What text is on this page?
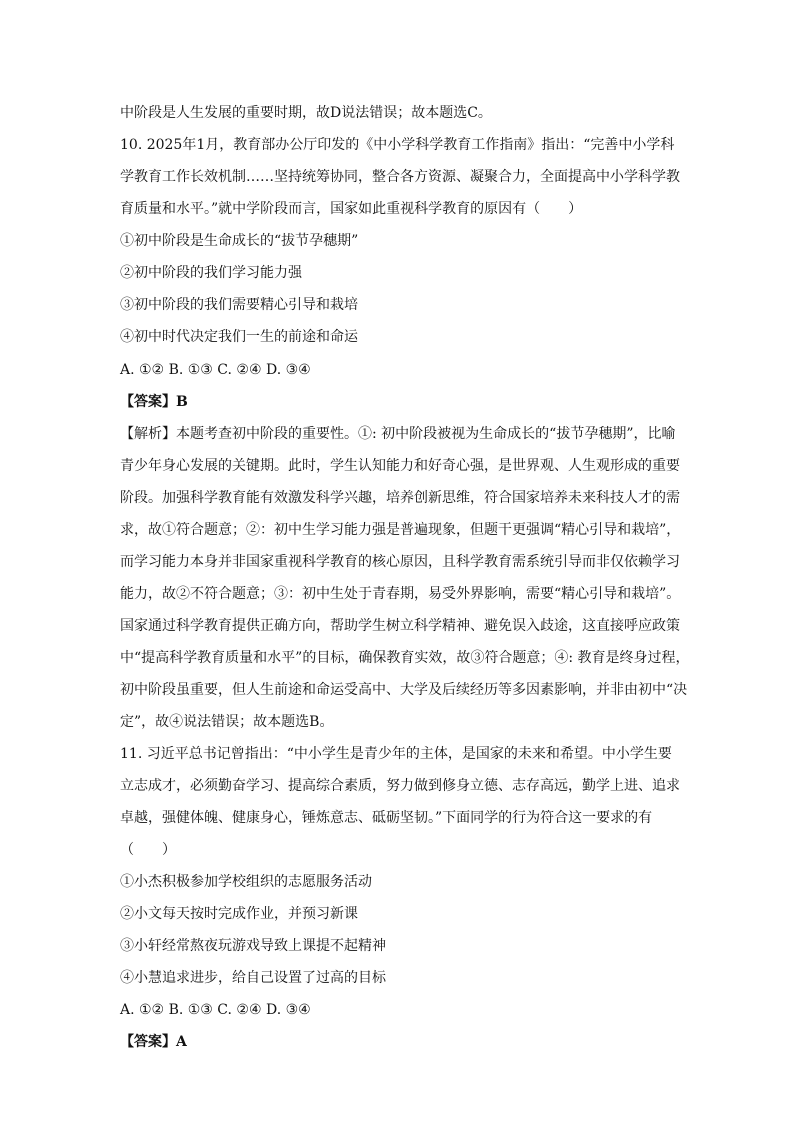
中阶段是人生发展的重要时期，故D说法错误；故本题选C。
10. 2025年1月，教育部办公厅印发的《中小学科学教育工作指南》指出：“完善中小学科
学教育工作长效机制……坚持统筹协同，整合各方资源、凝聚合力，全面提高中小学科学教
育质量和水平。”就中学阶段而言，国家如此重视科学教育的原因有（　　）
①初中阶段是生命成长的“拔节孕穗期”
②初中阶段的我们学习能力强
③初中阶段的我们需要精心引导和栽培
④初中时代决定我们一生的前途和命运
A. ①② B. ①③ C. ②④ D. ③④
【答案】B
【解析】本题考查初中阶段的重要性。①: 初中阶段被视为生命成长的“拔节孕穗期”，比喻
青少年身心发展的关键期。此时，学生认知能力和好奇心强，是世界观、人生观形成的重要
阶段。加强科学教育能有效激发科学兴趣，培养创新思维，符合国家培养未来科技人才的需
求，故①符合题意；②：初中生学习能力强是普遍现象，但题干更强调“精心引导和栽培”，
而学习能力本身并非国家重视科学教育的核心原因，且科学教育需系统引导而非仅依赖学习
能力，故②不符合题意；③：初中生处于青春期，易受外界影响，需要“精心引导和栽培”。
国家通过科学教育提供正确方向，帮助学生树立科学精神、避免误入歧途，这直接呼应政策
中“提高科学教育质量和水平”的目标，确保教育实效，故③符合题意；④: 教育是终身过程，
初中阶段虽重要，但人生前途和命运受高中、大学及后续经历等多因素影响，并非由初中“决
定”，故④说法错误；故本题选B。
11. 习近平总书记曾指出：“中小学生是青少年的主体，是国家的未来和希望。中小学生要
立志成才，必须勤奋学习、提高综合素质，努力做到修身立德、志存高远，勤学上进、追求
卓越，强健体魄、健康身心，锤炼意志、砥砺坚韧。”下面同学的行为符合这一要求的有
（　　）
①小杰积极参加学校组织的志愿服务活动
②小文每天按时完成作业，并预习新课
③小轩经常熬夜玩游戏导致上课提不起精神
④小慧追求进步，给自己设置了过高的目标
A. ①② B. ①③ C. ②④ D. ③④
【答案】A
